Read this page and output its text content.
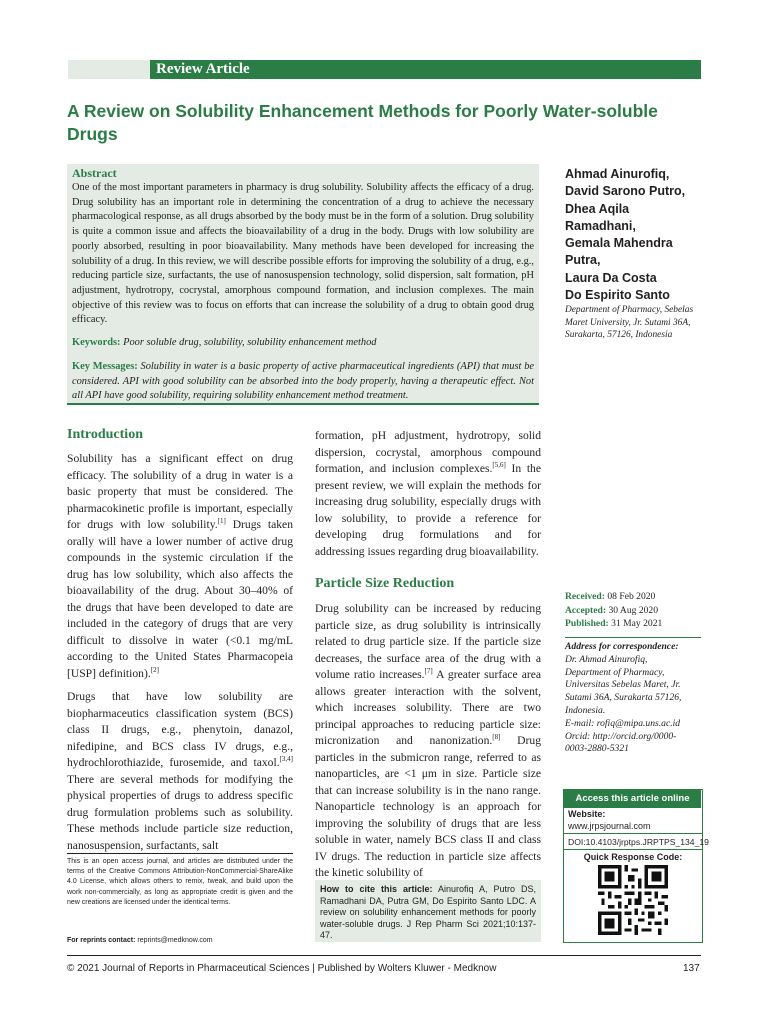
Review Article
A Review on Solubility Enhancement Methods for Poorly Water-soluble Drugs
Abstract
One of the most important parameters in pharmacy is drug solubility. Solubility affects the efficacy of a drug. Drug solubility has an important role in determining the concentration of a drug to achieve the necessary pharmacological response, as all drugs absorbed by the body must be in the form of a solution. Drug solubility is quite a common issue and affects the bioavailability of a drug in the body. Drugs with low solubility are poorly absorbed, resulting in poor bioavailability. Many methods have been developed for increasing the solubility of a drug. In this review, we will describe possible efforts for improving the solubility of a drug, e.g., reducing particle size, surfactants, the use of nanosuspension technology, solid dispersion, salt formation, pH adjustment, hydrotropy, cocrystal, amorphous compound formation, and inclusion complexes. The main objective of this review was to focus on efforts that can increase the solubility of a drug to obtain good drug efficacy.
Keywords: Poor soluble drug, solubility, solubility enhancement method
Key Messages: Solubility in water is a basic property of active pharmaceutical ingredients (API) that must be considered. API with good solubility can be absorbed into the body properly, having a therapeutic effect. Not all API have good solubility, requiring solubility enhancement method treatment.
Ahmad Ainurofiq,
David Sarono Putro,
Dhea Aqila
Ramadhani,
Gemala Mahendra
Putra,
Laura Da Costa
Do Espirito Santo
Department of Pharmacy, Sebelas Maret University, Jr. Sutami 36A, Surakarta, 57126, Indonesia
Introduction

Solubility has a significant effect on drug efficacy. The solubility of a drug in water is a basic property that must be considered. The pharmacokinetic profile is important, especially for drugs with low solubility.[1] Drugs taken orally will have a lower number of active drug compounds in the systemic circulation if the drug has low solubility, which also affects the bioavailability of the drug. About 30–40% of the drugs that have been developed to date are included in the category of drugs that are very difficult to dissolve in water (<0.1 mg/mL according to the United States Pharmacopeia [USP] definition).[2]

Drugs that have low solubility are biopharmaceutics classification system (BCS) class II drugs, e.g., phenytoin, danazol, nifedipine, and BCS class IV drugs, e.g., hydrochlorothiazide, furosemide, and taxol.[3,4] There are several methods for modifying the physical properties of drugs to address specific drug formulation problems such as solubility. These methods include particle size reduction, nanosuspension, surfactants, salt

formation, pH adjustment, hydrotropy, solid dispersion, cocrystal, amorphous compound formation, and inclusion complexes.[5,6] In the present review, we will explain the methods for increasing drug solubility, especially drugs with low solubility, to provide a reference for developing drug formulations and for addressing issues regarding drug bioavailability.
Particle Size Reduction
Drug solubility can be increased by reducing particle size, as drug solubility is intrinsically related to drug particle size. If the particle size decreases, the surface area of the drug with a volume ratio increases.[7] A greater surface area allows greater interaction with the solvent, which increases solubility. There are two principal approaches to reducing particle size: micronization and nanonization.[8] Drug particles in the submicron range, referred to as nanoparticles, are <1 μm in size. Particle size that can increase solubility is in the nano range. Nanoparticle technology is an approach for improving the solubility of drugs that are less soluble in water, namely BCS class II and class IV drugs. The reduction in particle size affects the kinetic solubility of
Received: 08 Feb 2020
Accepted: 30 Aug 2020
Published: 31 May 2021
Address for correspondence:
Dr. Ahmad Ainurofiq,
Department of Pharmacy,
Universitas Sebelas Maret, Jr.
Sutami 36A, Surakarta 57126,
Indonesia.
E-mail: rofiq@mipa.uns.ac.id
Orcid: http://orcid.org/0000-
0003-2880-5321
Access this article online
Website:
www.jrpsjournal.com
DOI:10.4103/jrptps.JRPTPS_134_19
Quick Response Code:
This is an open access journal, and articles are distributed under the terms of the Creative Commons Attribution-NonCommercial-ShareAlike 4.0 License, which allows others to remix, tweak, and build upon the work non-commercially, as long as appropriate credit is given and the new creations are licensed under the identical terms.
For reprints contact: reprints@medknow.com
How to cite this article: Ainurofiq A, Putro DS, Ramadhani DA, Putra GM, Do Espirito Santo LDC. A review on solubility enhancement methods for poorly water-soluble drugs. J Rep Pharm Sci 2021;10:137-47.
© 2021 Journal of Reports in Pharmaceutical Sciences | Published by Wolters Kluwer - Medknow	137
